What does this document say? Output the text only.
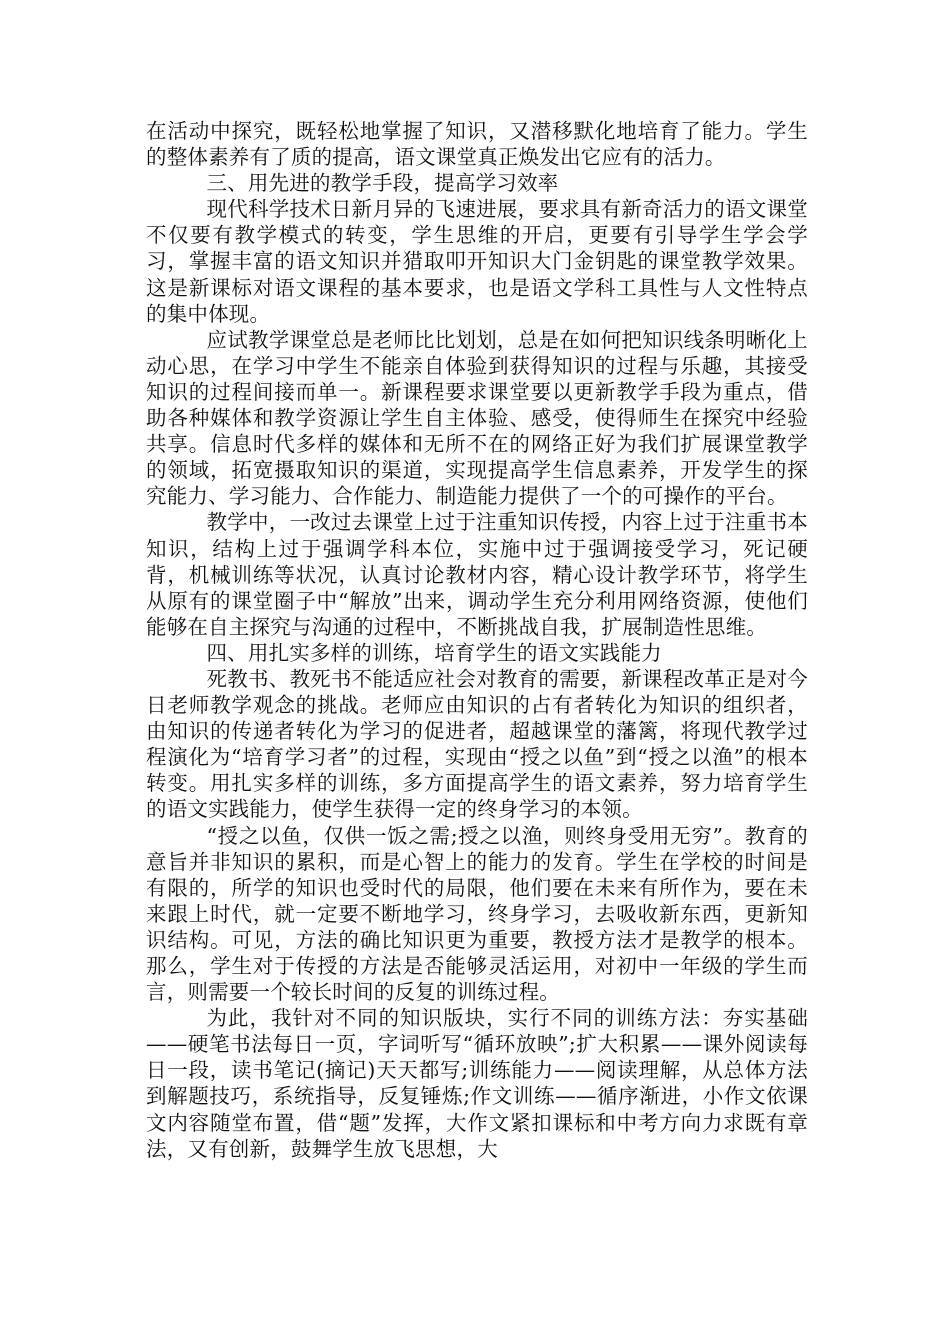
在活动中探究，既轻松地掌握了知识，又潜移默化地培育了能力。学生的整体素养有了质的提高，语文课堂真正焕发出它应有的活力。

三、用先进的教学手段，提高学习效率

现代科学技术日新月异的飞速进展，要求具有新奇活力的语文课堂不仅要有教学模式的转变，学生思维的开启，更要有引导学生学会学习，掌握丰富的语文知识并猎取叩开知识大门金钥匙的课堂教学效果。这是新课标对语文课程的基本要求，也是语文学科工具性与人文性特点的集中体现。

应试教学课堂总是老师比比划划，总是在如何把知识线条明晰化上动心思，在学习中学生不能亲自体验到获得知识的过程与乐趣，其接受知识的过程间接而单一。新课程要求课堂要以更新教学手段为重点，借助各种媒体和教学资源让学生自主体验、感受，使得师生在探究中经验共享。信息时代多样的媒体和无所不在的网络正好为我们扩展课堂教学的领域，拓宽摄取知识的渠道，实现提高学生信息素养，开发学生的探究能力、学习能力、合作能力、制造能力提供了一个的可操作的平台。

教学中，一改过去课堂上过于注重知识传授，内容上过于注重书本知识，结构上过于强调学科本位，实施中过于强调接受学习，死记硬背，机械训练等状况，认真讨论教材内容，精心设计教学环节，将学生从原有的课堂圈子中“解放”出来，调动学生充分利用网络资源，使他们能够在自主探究与沟通的过程中，不断挑战自我，扩展制造性思维。

四、用扎实多样的训练，培育学生的语文实践能力

死教书、教死书不能适应社会对教育的需要，新课程改革正是对今日老师教学观念的挑战。老师应由知识的占有者转化为知识的组织者，由知识的传递者转化为学习的促进者，超越课堂的藩篱，将现代教学过程演化为“培育学习者”的过程，实现由“授之以鱼”到“授之以渔”的根本转变。用扎实多样的训练，多方面提高学生的语文素养，努力培育学生的语文实践能力，使学生获得一定的终身学习的本领。

“授之以鱼，仅供一饭之需;授之以渔，则终身受用无穷”。教育的意旨并非知识的累积，而是心智上的能力的发育。学生在学校的时间是有限的，所学的知识也受时代的局限，他们要在未来有所作为，要在未来跟上时代，就一定要不断地学习，终身学习，去吸收新东西，更新知识结构。可见，方法的确比知识更为重要，教授方法才是教学的根本。那么，学生对于传授的方法是否能够灵活运用，对初中一年级的学生而言，则需要一个较长时间的反复的训练过程。

为此，我针对不同的知识版块，实行不同的训练方法：夯实基础——硬笔书法每日一页，字词听写“循环放映”;扩大积累——课外阅读每日一段，读书笔记(摘记)天天都写;训练能力——阅读理解，从总体方法到解题技巧，系统指导，反复锤炼;作文训练——循序渐进，小作文依课文内容随堂布置，借“题”发挥，大作文紧扣课标和中考方向力求既有章法，又有创新，鼓舞学生放飞思想，大
